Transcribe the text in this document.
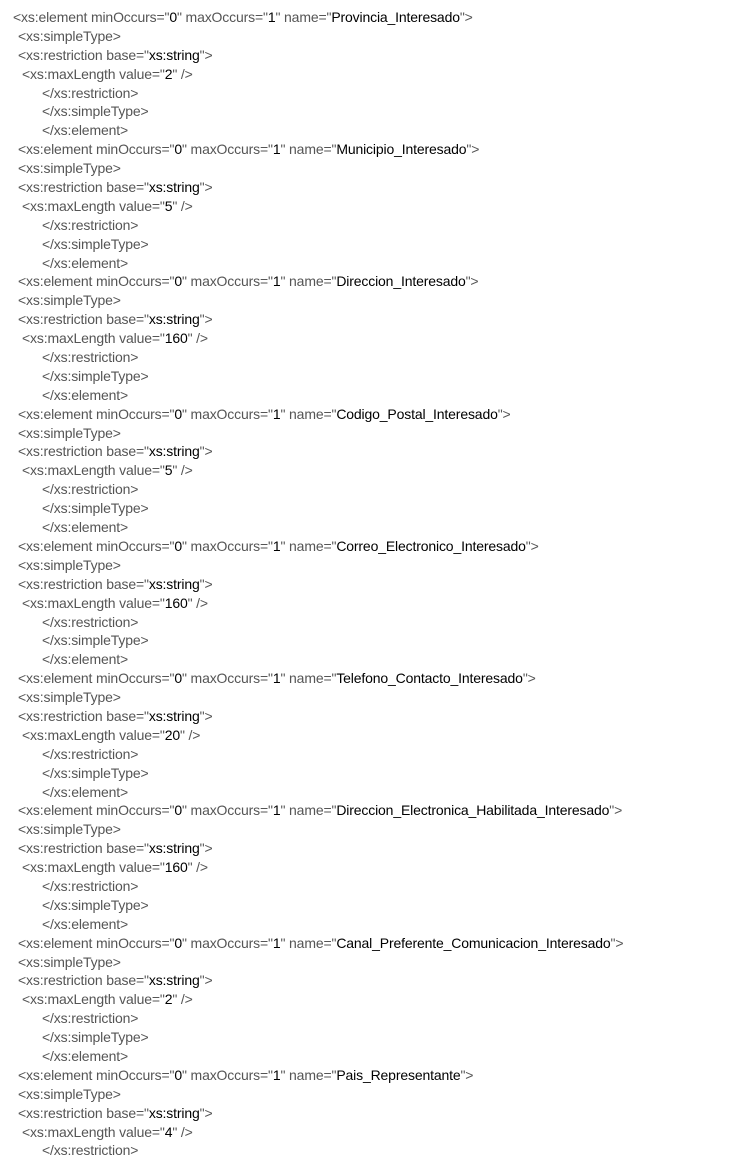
<xs:element minOccurs="0" maxOccurs="1" name="Provincia_Interesado">
<xs:simpleType>
<xs:restriction base="xs:string">
<xs:maxLength value="2" />
</xs:restriction>
</xs:simpleType>
</xs:element>
<xs:element minOccurs="0" maxOccurs="1" name="Municipio_Interesado">
<xs:simpleType>
<xs:restriction base="xs:string">
<xs:maxLength value="5" />
</xs:restriction>
</xs:simpleType>
</xs:element>
<xs:element minOccurs="0" maxOccurs="1" name="Direccion_Interesado">
<xs:simpleType>
<xs:restriction base="xs:string">
<xs:maxLength value="160" />
</xs:restriction>
</xs:simpleType>
</xs:element>
<xs:element minOccurs="0" maxOccurs="1" name="Codigo_Postal_Interesado">
<xs:simpleType>
<xs:restriction base="xs:string">
<xs:maxLength value="5" />
</xs:restriction>
</xs:simpleType>
</xs:element>
<xs:element minOccurs="0" maxOccurs="1" name="Correo_Electronico_Interesado">
<xs:simpleType>
<xs:restriction base="xs:string">
<xs:maxLength value="160" />
</xs:restriction>
</xs:simpleType>
</xs:element>
<xs:element minOccurs="0" maxOccurs="1" name="Telefono_Contacto_Interesado">
<xs:simpleType>
<xs:restriction base="xs:string">
<xs:maxLength value="20" />
</xs:restriction>
</xs:simpleType>
</xs:element>
<xs:element minOccurs="0" maxOccurs="1" name="Direccion_Electronica_Habilitada_Interesado">
<xs:simpleType>
<xs:restriction base="xs:string">
<xs:maxLength value="160" />
</xs:restriction>
</xs:simpleType>
</xs:element>
<xs:element minOccurs="0" maxOccurs="1" name="Canal_Preferente_Comunicacion_Interesado">
<xs:simpleType>
<xs:restriction base="xs:string">
<xs:maxLength value="2" />
</xs:restriction>
</xs:simpleType>
</xs:element>
<xs:element minOccurs="0" maxOccurs="1" name="Pais_Representante">
<xs:simpleType>
<xs:restriction base="xs:string">
<xs:maxLength value="4" />
</xs:restriction>
